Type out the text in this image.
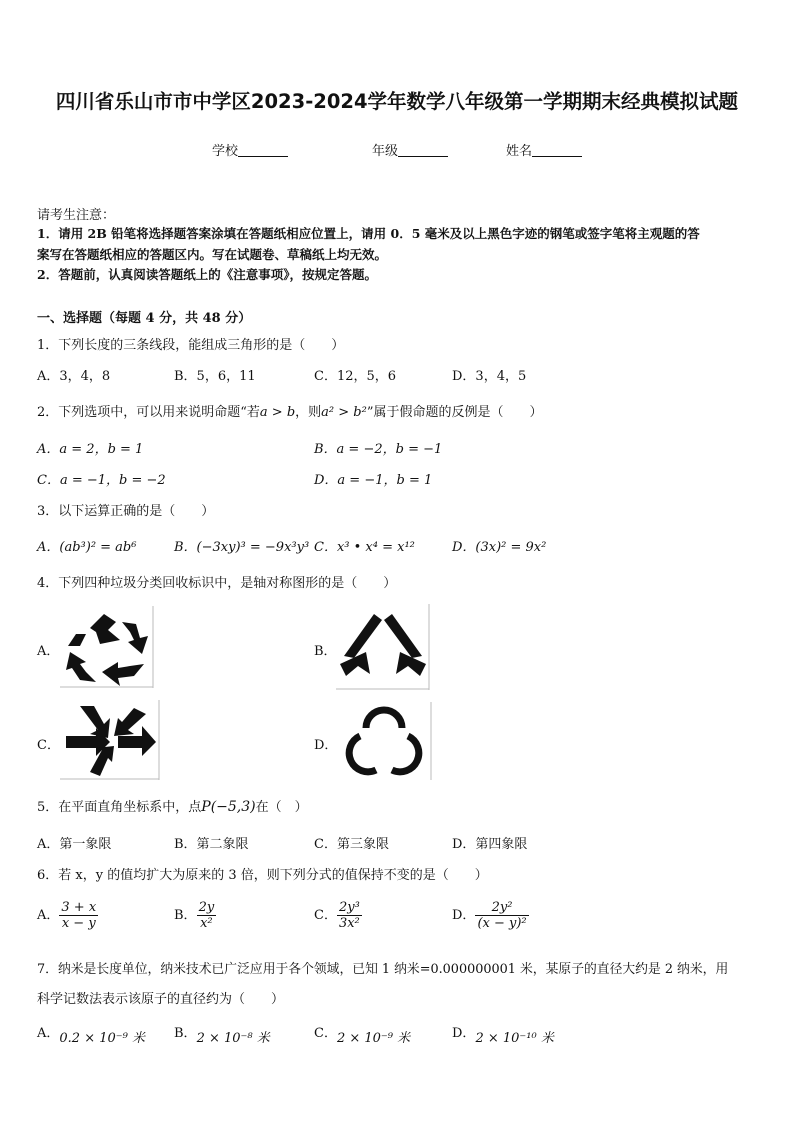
四川省乐山市市中学区2023-2024学年数学八年级第一学期期末经典模拟试题
学校	年级	姓名
请考生注意：
1．请用 2B 铅笔将选择题答案涂填在答题纸相应位置上，请用 0．5 毫米及以上黑色字迹的钢笔或签字笔将主观题的答
案写在答题纸相应的答题区内。写在试题卷、草稿纸上均无效。
2．答题前，认真阅读答题纸上的《注意事项》，按规定答题。
一、选择题（每题 4 分，共 48 分）
1．下列长度的三条线段，能组成三角形的是（　　）
A．3，4，8	B．5，6，11	C．12，5，6	D．3，4，5
2．下列选项中，可以用来说明命题“若a > b，则a² > b²”属于假命题的反例是（　　）
A．a = 2，b = 1	B．a = −2，b = −1
C．a = −1，b = −2	D．a = −1，b = 1
3．以下运算正确的是（　　）
A．(ab³)² = ab⁶	B．(−3xy)³ = −9x³y³ C．x³ • x⁴ = x¹²	D．(3x)² = 9x²
4．下列四种垃圾分类回收标识中，是轴对称图形的是（　　）
A．	B．
C．	D．
5．在平面直角坐标系中，点P(−5,3)在（　）
A．第一象限	B．第二象限	C．第三象限	D．第四象限
6．若 x，y 的值均扩大为原来的 3 倍，则下列分式的值保持不变的是（　　）
A． $\frac{3 + x}{x - y}$	B． $\frac{2y}{\text{x²}}$	C． $\frac{\text{2y³}}{\text{3x²}}$	D． $\frac{\text{2y²}}{\text{(x − y)²}}$
7．纳米是长度单位，纳米技术已广泛应用于各个领域，已知 1 纳米=0.000000001 米，某原子的直径大约是 2 纳米，用
科学记数法表示该原子的直径约为（　　）
A．0.2 × 10⁻⁹ 米 B．2 × 10⁻⁸ 米	C．2 × 10⁻⁹ 米	D．2 × 10⁻¹⁰ 米
